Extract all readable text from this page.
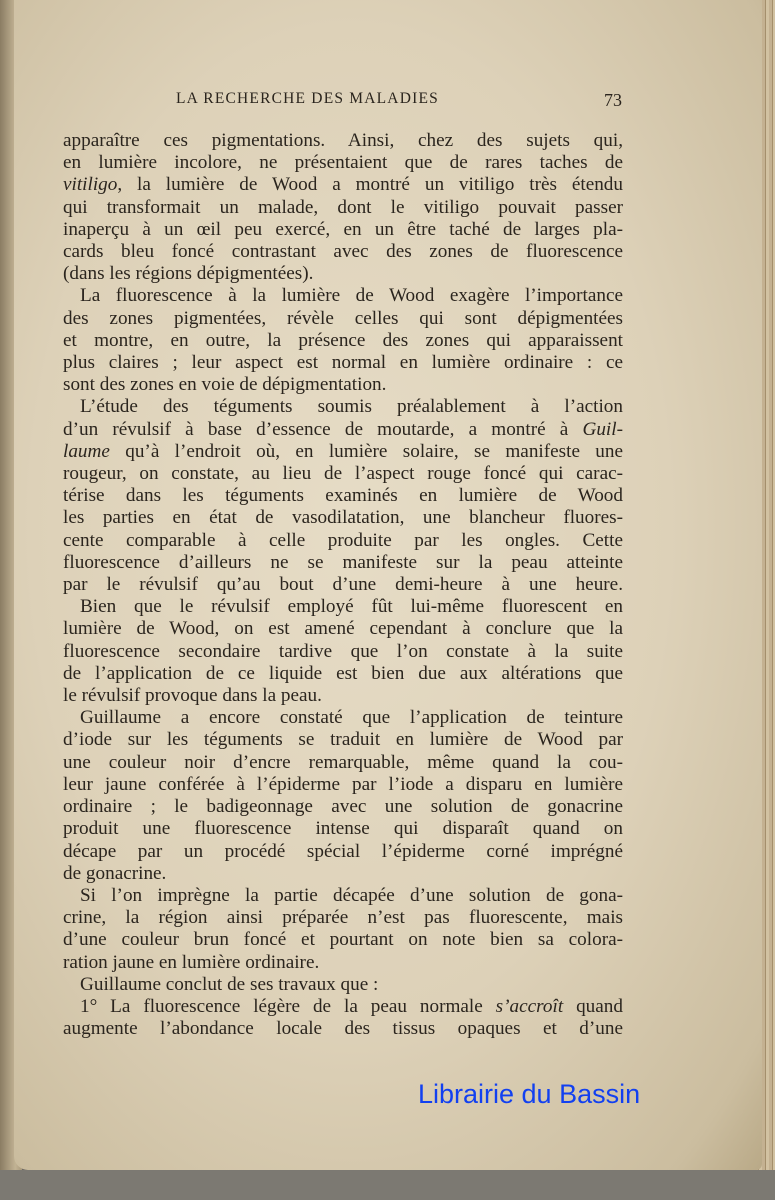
LA RECHERCHE DES MALADIES	73
apparaître ces pigmentations. Ainsi, chez des sujets qui,
en lumière incolore, ne présentaient que de rares taches de
vitiligo, la lumière de Wood a montré un vitiligo très étendu
qui transformait un malade, dont le vitiligo pouvait passer
inaperçu à un œil peu exercé, en un être taché de larges pla-
cards bleu foncé contrastant avec des zones de fluorescence
(dans les régions dépigmentées).
La fluorescence à la lumière de Wood exagère l’importance
des zones pigmentées, révèle celles qui sont dépigmentées
et montre, en outre, la présence des zones qui apparaissent
plus claires ; leur aspect est normal en lumière ordinaire : ce
sont des zones en voie de dépigmentation.
L’étude des téguments soumis préalablement à l’action
d’un révulsif à base d’essence de moutarde, a montré à Guil-
laume qu’à l’endroit où, en lumière solaire, se manifeste une
rougeur, on constate, au lieu de l’aspect rouge foncé qui carac-
térise dans les téguments examinés en lumière de Wood
les parties en état de vasodilatation, une blancheur fluores-
cente comparable à celle produite par les ongles. Cette
fluorescence d’ailleurs ne se manifeste sur la peau atteinte
par le révulsif qu’au bout d’une demi-heure à une heure.
Bien que le révulsif employé fût lui-même fluorescent en
lumière de Wood, on est amené cependant à conclure que la
fluorescence secondaire tardive que l’on constate à la suite
de l’application de ce liquide est bien due aux altérations que
le révulsif provoque dans la peau.
Guillaume a encore constaté que l’application de teinture
d’iode sur les téguments se traduit en lumière de Wood par
une couleur noir d’encre remarquable, même quand la cou-
leur jaune conférée à l’épiderme par l’iode a disparu en lumière
ordinaire ; le badigeonnage avec une solution de gonacrine
produit une fluorescence intense qui disparaît quand on
décape par un procédé spécial l’épiderme corné imprégné
de gonacrine.
Si l’on imprègne la partie décapée d’une solution de gona-
crine, la région ainsi préparée n’est pas fluorescente, mais
d’une couleur brun foncé et pourtant on note bien sa colora-
ration jaune en lumière ordinaire.
Guillaume conclut de ses travaux que :
1° La fluorescence légère de la peau normale s’accroît quand
augmente l’abondance locale des tissus opaques et d’une
Librairie du Bassin
